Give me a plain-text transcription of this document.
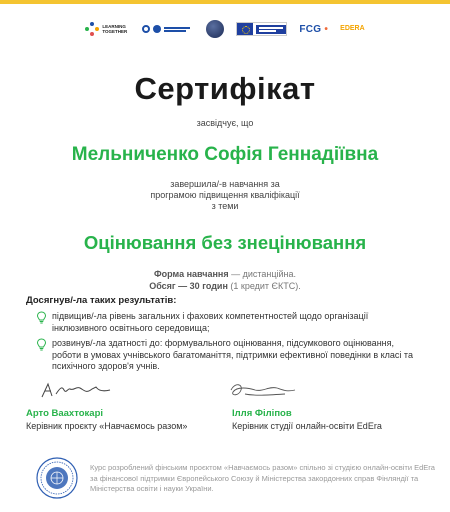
LEARNING TOGETHER	FCG • EDERA
Сертифікат
засвідчує, що
Мельниченко Софія Геннадіївна
завершила/-в навчання за
програмою підвищення кваліфікації
з теми
Оцінювання без знецінювання
Форма навчання — дистанційна.
Обсяг — 30 годин (1 кредит ЄКТС).
Досягнув/-ла таких результатів:
підвищив/-ла рівень загальних і фахових компетентностей щодо організації інклюзивного освітнього середовища;
розвинув/-ла здатності до: формувального оцінювання, підсумкового оцінювання, роботи в умовах учнівського багатоманіття, підтримки ефективної поведінки в класі та психічного здоров'я учнів.
Арто Ваахтокарі
Керівник проєкту «Навчаємось разом»
Ілля Філіпов
Керівник студії онлайн-освіти EdEra
Курс розроблений фінським проєктом «Навчаємось разом» спільно зі студією онлайн-освіти EdEra за фінансової підтримки Європейського Союзу й Міністерства закордонних справ Фінляндії та Міністерства освіти і науки України.
